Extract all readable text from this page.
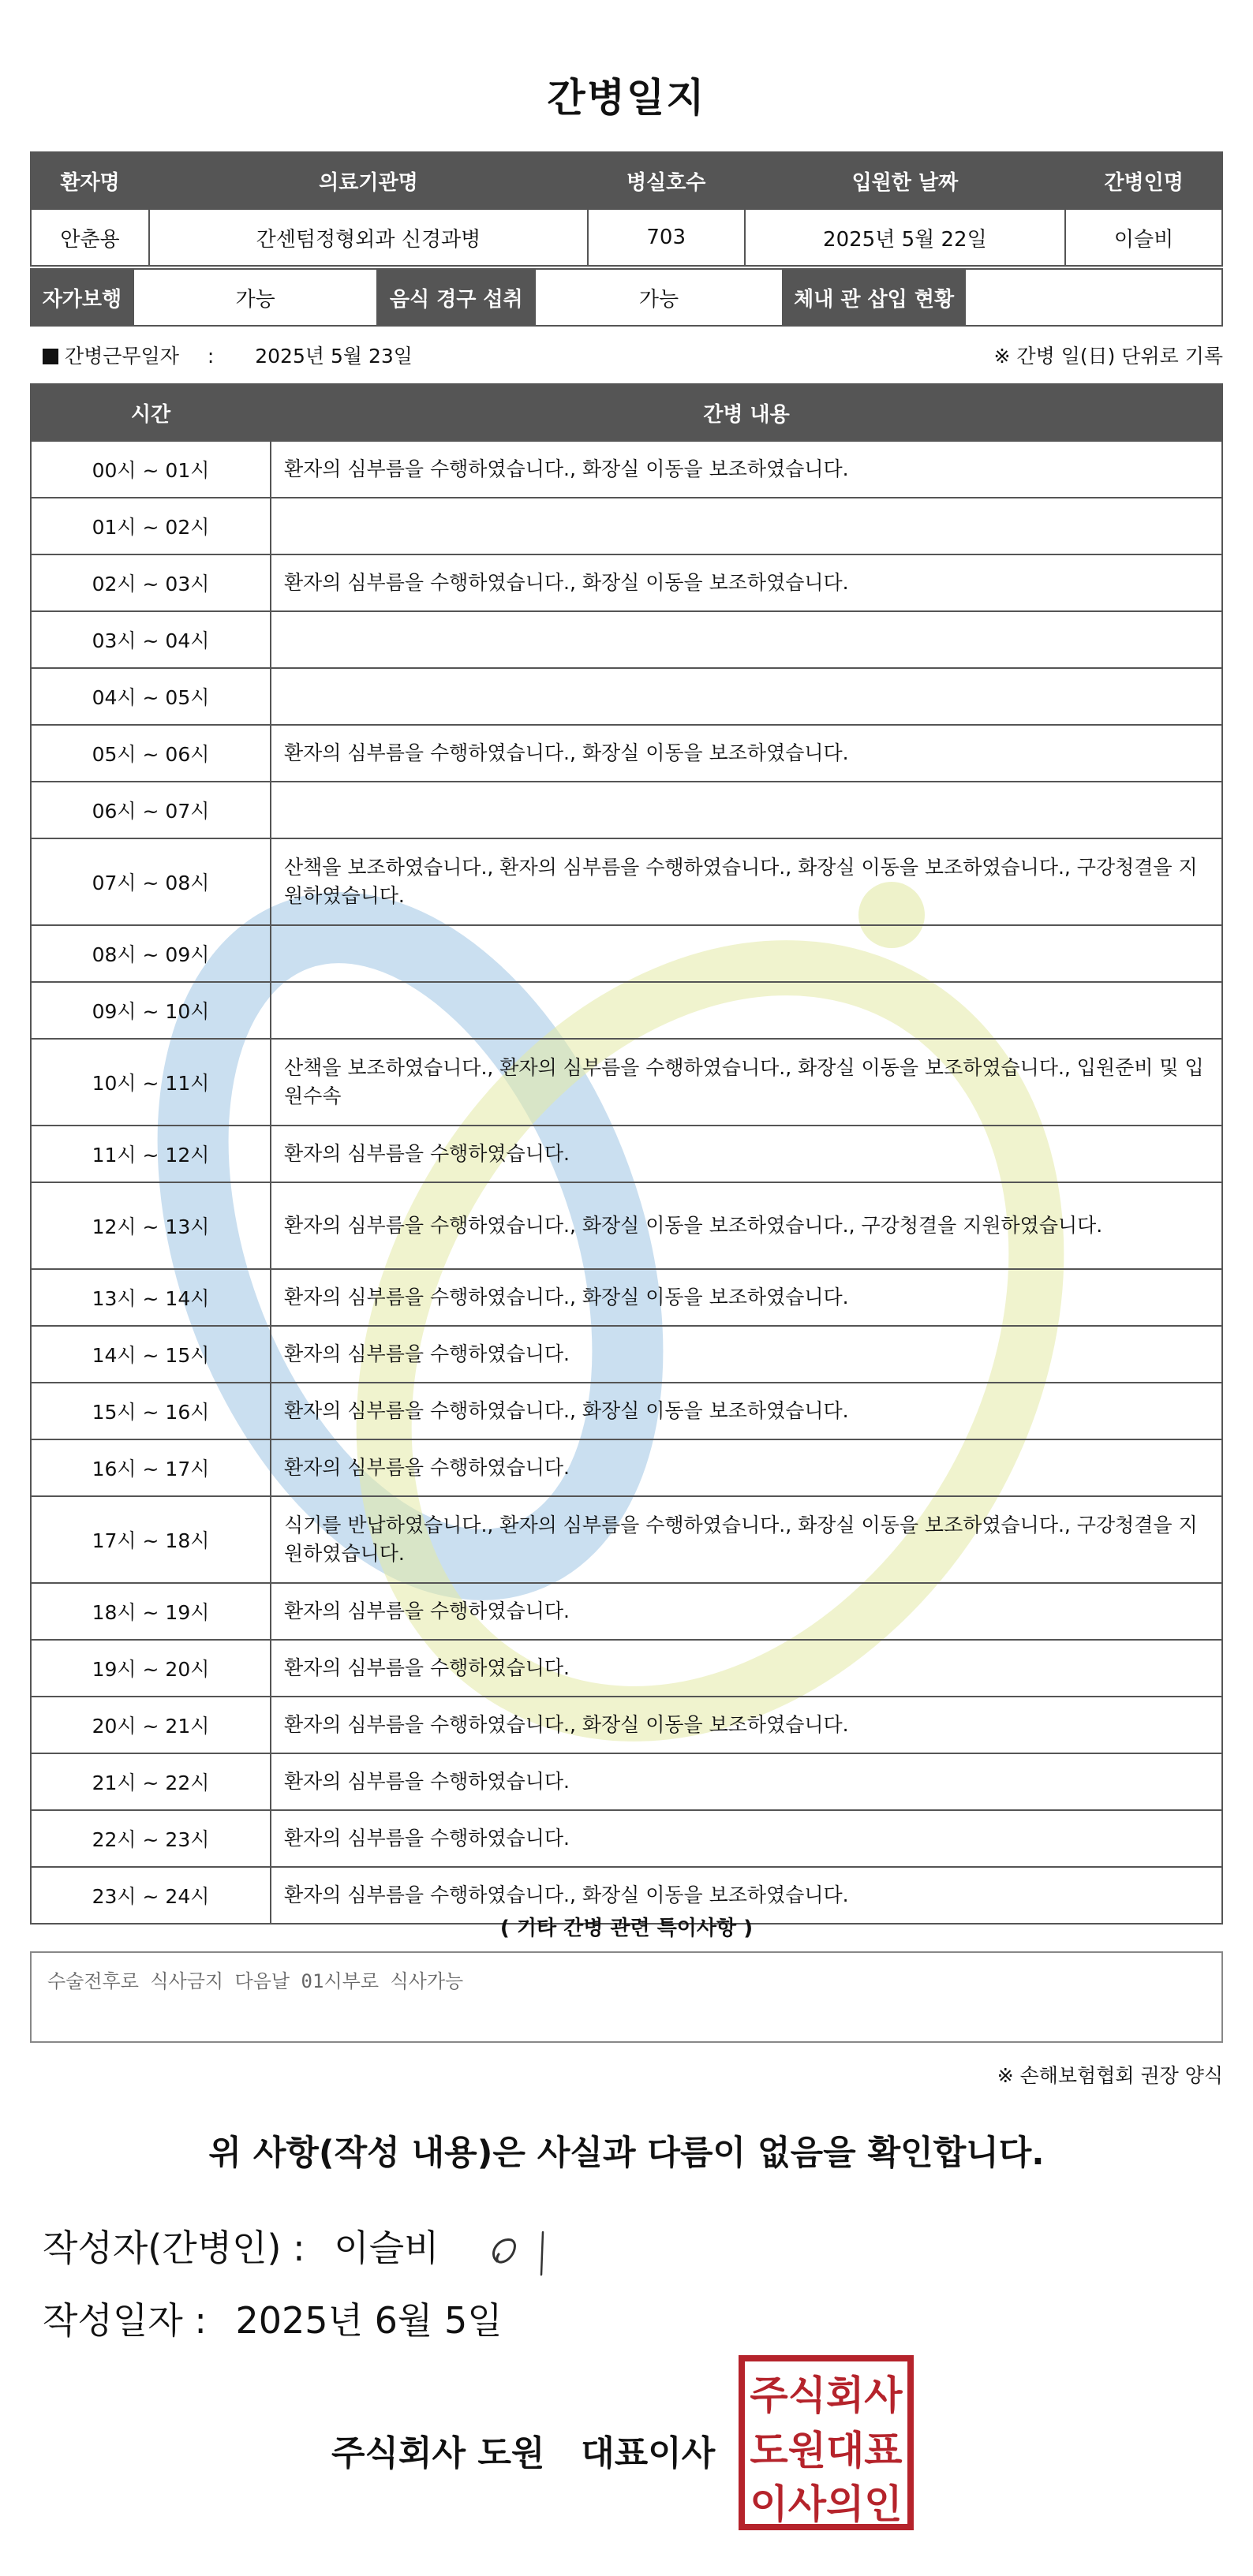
간병일지
환자명	의료기관명	병실호수	입원한 날짜	간병인명
안춘용	간센텀정형외과 신경과병	703	2025년 5월 22일	이슬비
자가보행	가능	음식 경구 섭취	가능	체내 관 삽입 현황	
간병근무일자 : 2025년 5월 23일	※ 간병 일(日) 단위로 기록
시간	간병 내용
00시 ~ 01시	환자의 심부름을 수행하였습니다., 화장실 이동을 보조하였습니다.
01시 ~ 02시	
02시 ~ 03시	환자의 심부름을 수행하였습니다., 화장실 이동을 보조하였습니다.
03시 ~ 04시	
04시 ~ 05시	
05시 ~ 06시	환자의 심부름을 수행하였습니다., 화장실 이동을 보조하였습니다.
06시 ~ 07시	
07시 ~ 08시	산책을 보조하였습니다., 환자의 심부름을 수행하였습니다., 화장실 이동을 보조하였습니다., 구강청결을 지원하였습니다.
08시 ~ 09시	
09시 ~ 10시	
10시 ~ 11시	산책을 보조하였습니다., 환자의 심부름을 수행하였습니다., 화장실 이동을 보조하였습니다., 입원준비 및 입원수속
11시 ~ 12시	환자의 심부름을 수행하였습니다.
12시 ~ 13시	환자의 심부름을 수행하였습니다., 화장실 이동을 보조하였습니다., 구강청결을 지원하였습니다.
13시 ~ 14시	환자의 심부름을 수행하였습니다., 화장실 이동을 보조하였습니다.
14시 ~ 15시	환자의 심부름을 수행하였습니다.
15시 ~ 16시	환자의 심부름을 수행하였습니다., 화장실 이동을 보조하였습니다.
16시 ~ 17시	환자의 심부름을 수행하였습니다.
17시 ~ 18시	식기를 반납하였습니다., 환자의 심부름을 수행하였습니다., 화장실 이동을 보조하였습니다., 구강청결을 지원하였습니다.
18시 ~ 19시	환자의 심부름을 수행하였습니다.
19시 ~ 20시	환자의 심부름을 수행하였습니다.
20시 ~ 21시	환자의 심부름을 수행하였습니다., 화장실 이동을 보조하였습니다.
21시 ~ 22시	환자의 심부름을 수행하였습니다.
22시 ~ 23시	환자의 심부름을 수행하였습니다.
23시 ~ 24시	환자의 심부름을 수행하였습니다., 화장실 이동을 보조하였습니다.
( 기타 간병 관련 특이사항 )
수술전후로 식사금지 다음날 01시부로 식사가능
※ 손해보험협회 권장 양식
위 사항(작성 내용)은 사실과 다름이 없음을 확인합니다.
작성자(간병인) : 이슬비
작성일자 : 2025년 6월 5일
주식회사 도원   대표이사
주식회사
도원대표
이사의인
